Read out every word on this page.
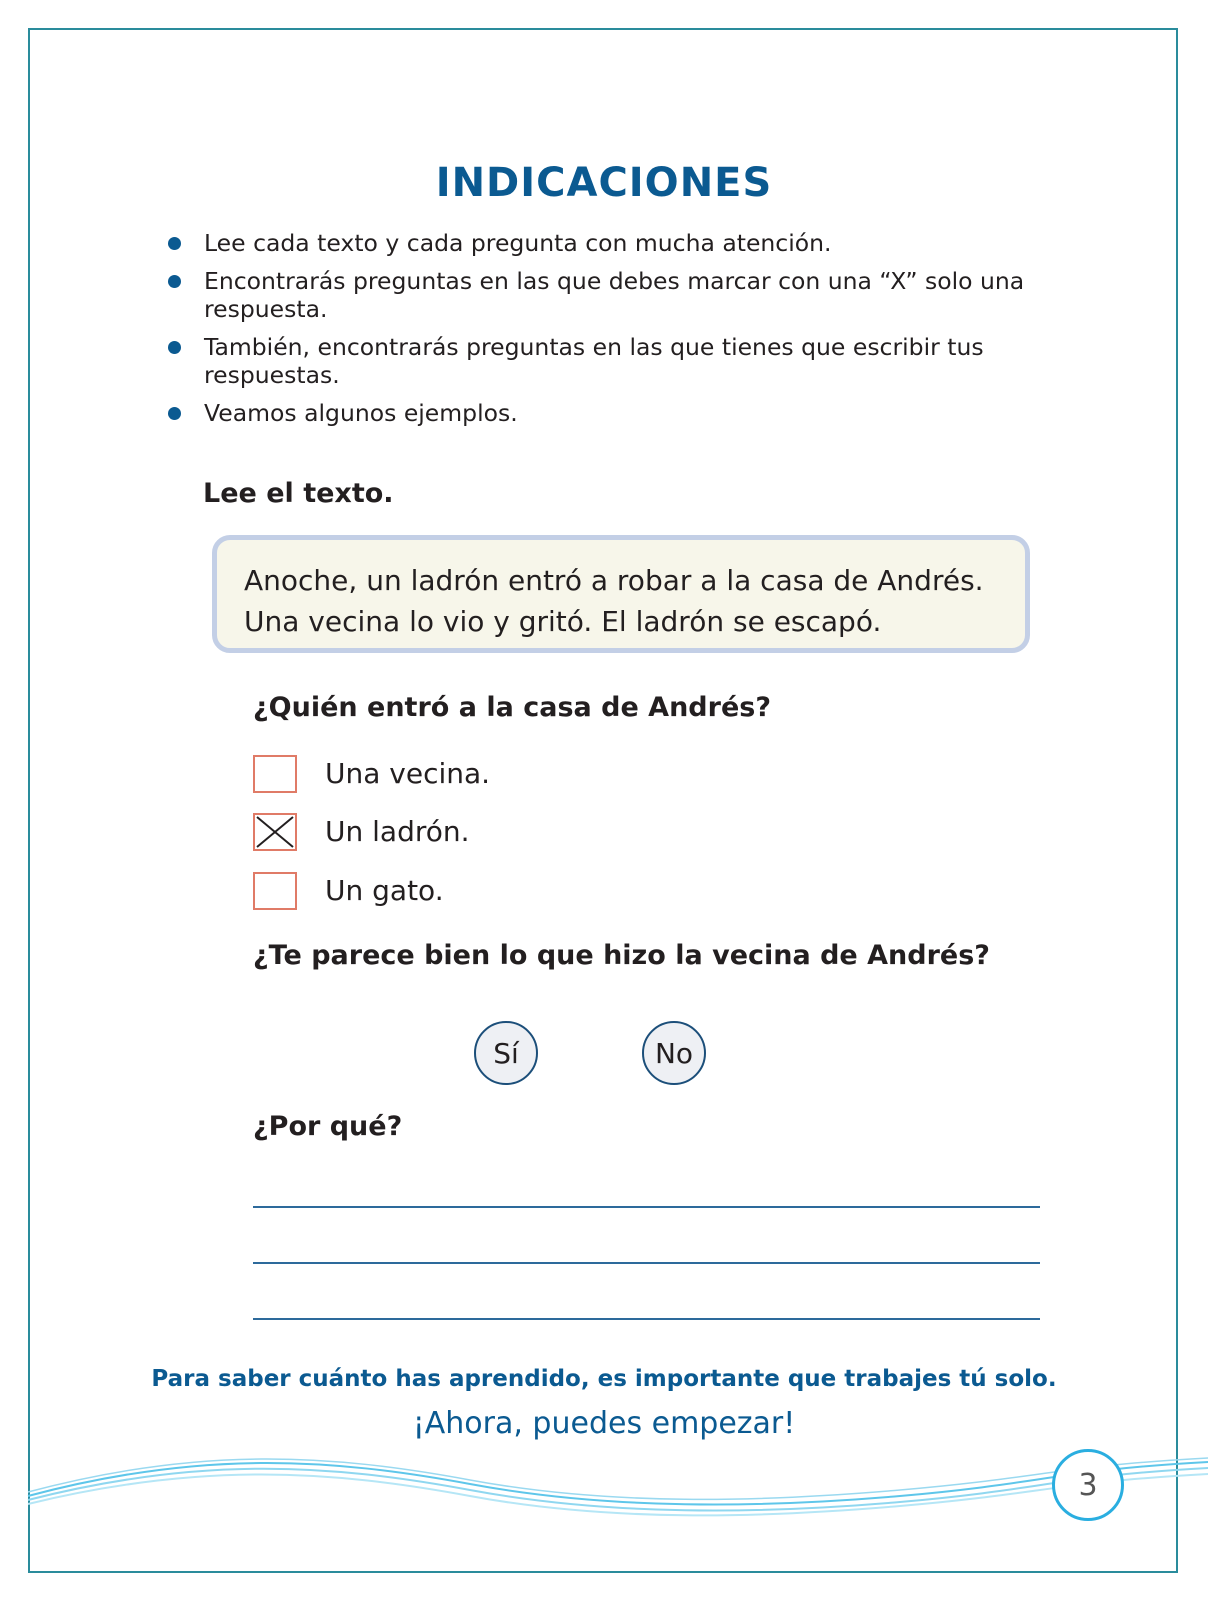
INDICACIONES
Lee cada texto y cada pregunta con mucha atención.
Encontrarás preguntas en las que debes marcar con una “X” solo una respuesta.
También, encontrarás preguntas en las que tienes que escribir tus respuestas.
Veamos algunos ejemplos.
Lee el texto.

Anoche, un ladrón entró a robar a la casa de Andrés.

Una vecina lo vio y gritó. El ladrón se escapó.

¿Quién entró a la casa de Andrés?
Una vecina.
Un ladrón.
Un gato.
¿Te parece bien lo que hizo la vecina de Andrés?
Sí	No
¿Por qué?
Para saber cuánto has aprendido, es importante que trabajes tú solo.
¡Ahora, puedes empezar!
3
